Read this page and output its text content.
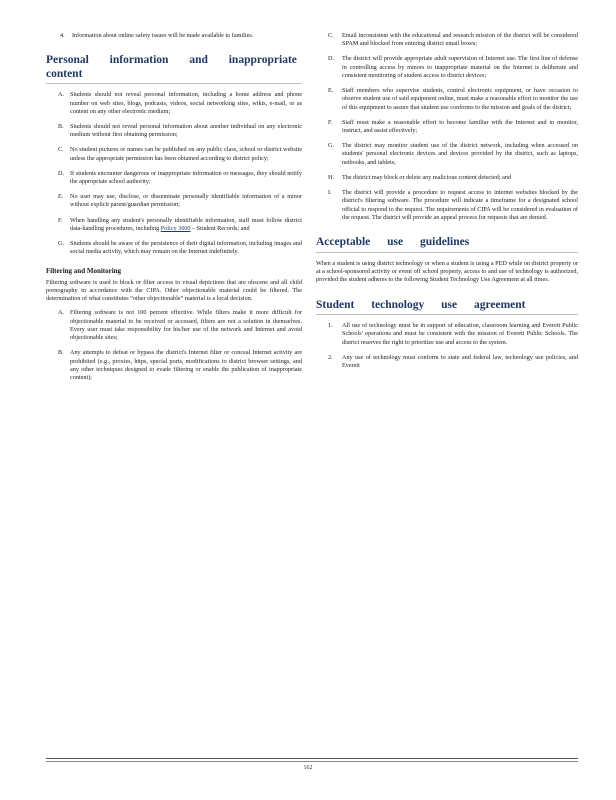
4.	Information about online safety issues will be made available to families.
Personal information and inappropriate content
A. Students should not reveal personal information, including a home address and phone number on web sites, blogs, podcasts, videos, social networking sites, wikis, e-mail, or as content on any other electronic medium;
B.	Students should not reveal personal information about another individual on any electronic medium without first obtaining permission;
C.	No student pictures or names can be published on any public class, school or district website unless the appropriate permission has been obtained according to district policy;
D. If students encounter dangerous or inappropriate information or messages, they should notify the appropriate school authority;
E.	No user may use, disclose, or disseminate personally identifiable information of a minor without explicit parent/guardian permission;
F.	When handling any student's personally identifiable information, staff must follow district data-handling procedures, including Policy 3600 – Student Records; and
G. Students should be aware of the persistence of their digital information, including images and social media activity, which may remain on the Internet indefinitely.
Filtering and Monitoring
Filtering software is used to block or filter access to visual depictions that are obscene and all child pornography in accordance with the CIPA. Other objectionable material could be filtered. The determination of what constitutes “other objectionable” material is a local decision.
A. Filtering software is not 100 percent effective. While filters make it more difficult for objectionable material to be received or accessed, filters are not a solution in themselves. Every user must take responsibility for his/her use of the network and Internet and avoid objectionable sites;
B.	Any attempts to defeat or bypass the district's Internet filter or conceal Internet activity are prohibited (e.g., proxies, https, special ports, modifications to district browser settings, and any other techniques designed to evade filtering or enable the publication of inappropriate content);
C.	Email inconsistent with the educational and research mission of the district will be considered SPAM and blocked from entering district email boxes;
D.	The district will provide appropriate adult supervision of Internet use. The first line of defense in controlling access by minors to inappropriate material on the Internet is deliberate and consistent monitoring of student access to district devices;
E.	Staff members who supervise students, control electronic equipment, or have occasion to observe student use of said equipment online, must make a reasonable effort to monitor the use of this equipment to assure that student use conforms to the mission and goals of the district;
F.	Staff must make a reasonable effort to become familiar with the Internet and to monitor, instruct, and assist effectively;
G.	The district may monitor student use of the district network, including when accessed on students' personal electronic devices and devices provided by the district, such as laptops, netbooks, and tablets;
H.	The district may block or delete any malicious content detected; and
I.	The district will provide a procedure to request access to internet websites blocked by the district's filtering software. The procedure will indicate a timeframe for a designated school official to respond to the request. The requirements of CIPA will be considered in evaluation of the request. The district will provide an appeal process for requests that are denied.
Acceptable use guidelines
When a student is using district technology or when a student is using a PED while on district property or at a school-sponsored activity or event off school property, access to and use of technology is authorized, provided the student adheres to the following Student Technology Use Agreement at all times.
Student technology use agreement
1.	All use of technology must be in support of education, classroom learning and Everett Public Schools' operations and must be consistent with the mission of Everett Public Schools. The district reserves the right to prioritize use and access to the system.
2.	Any use of technology must conform to state and federal law, technology use policies, and Everett
162
